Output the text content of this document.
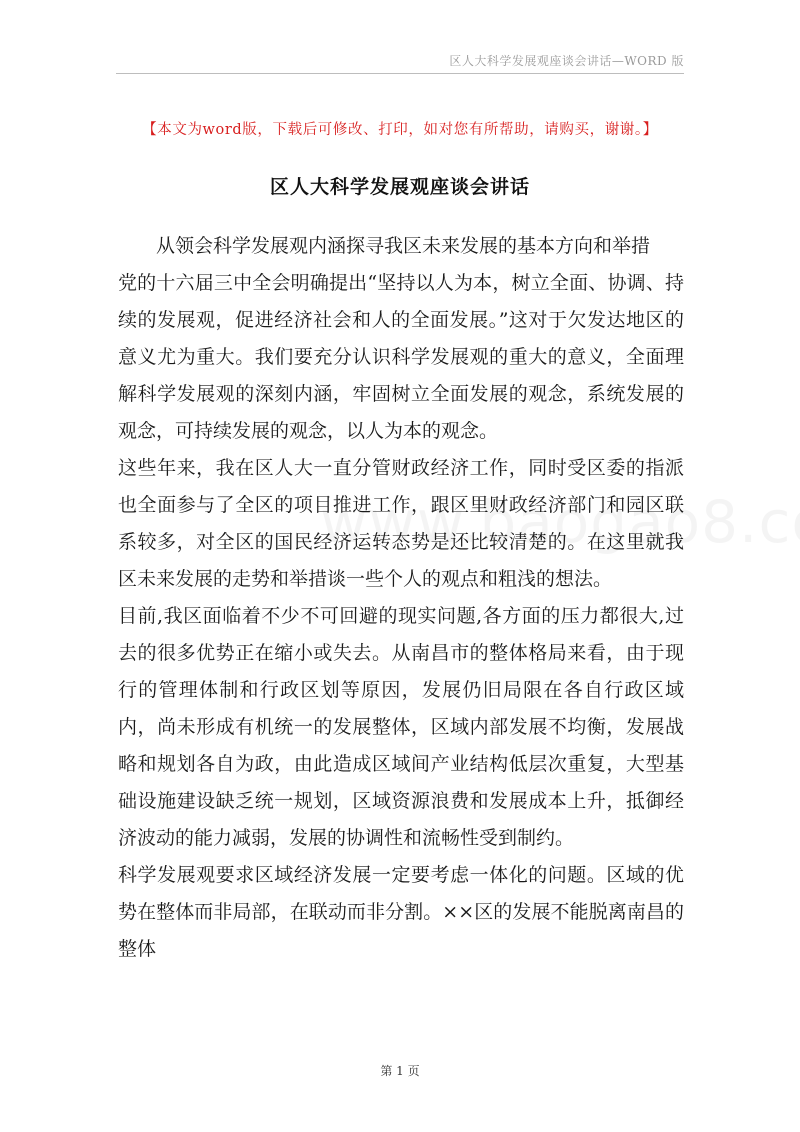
区人大科学发展观座谈会讲话—WORD 版
【本文为word版，下载后可修改、打印，如对您有所帮助，请购买，谢谢。】
区人大科学发展观座谈会讲话

从领会科学发展观内涵探寻我区未来发展的基本方向和举措

党的十六届三中全会明确提出“坚持以人为本，树立全面、协调、持续的发展观，促进经济社会和人的全面发展。”这对于欠发达地区的意义尤为重大。我们要充分认识科学发展观的重大的意义，全面理解科学发展观的深刻内涵，牢固树立全面发展的观念，系统发展的观念，可持续发展的观念，以人为本的观念。

这些年来，我在区人大一直分管财政经济工作，同时受区委的指派也全面参与了全区的项目推进工作，跟区里财政经济部门和园区联系较多，对全区的国民经济运转态势是还比较清楚的。在这里就我区未来发展的走势和举措谈一些个人的观点和粗浅的想法。

目前,我区面临着不少不可回避的现实问题,各方面的压力都很大,过去的很多优势正在缩小或失去。从南昌市的整体格局来看，由于现行的管理体制和行政区划等原因，发展仍旧局限在各自行政区域内，尚未形成有机统一的发展整体，区域内部发展不均衡，发展战略和规划各自为政，由此造成区域间产业结构低层次重复，大型基础设施建设缺乏统一规划，区域资源浪费和发展成本上升，抵御经济波动的能力减弱，发展的协调性和流畅性受到制约。

科学发展观要求区域经济发展一定要考虑一体化的问题。区域的优势在整体而非局部，在联动而非分割。××区的发展不能脱离南昌的整体

第 1 页
